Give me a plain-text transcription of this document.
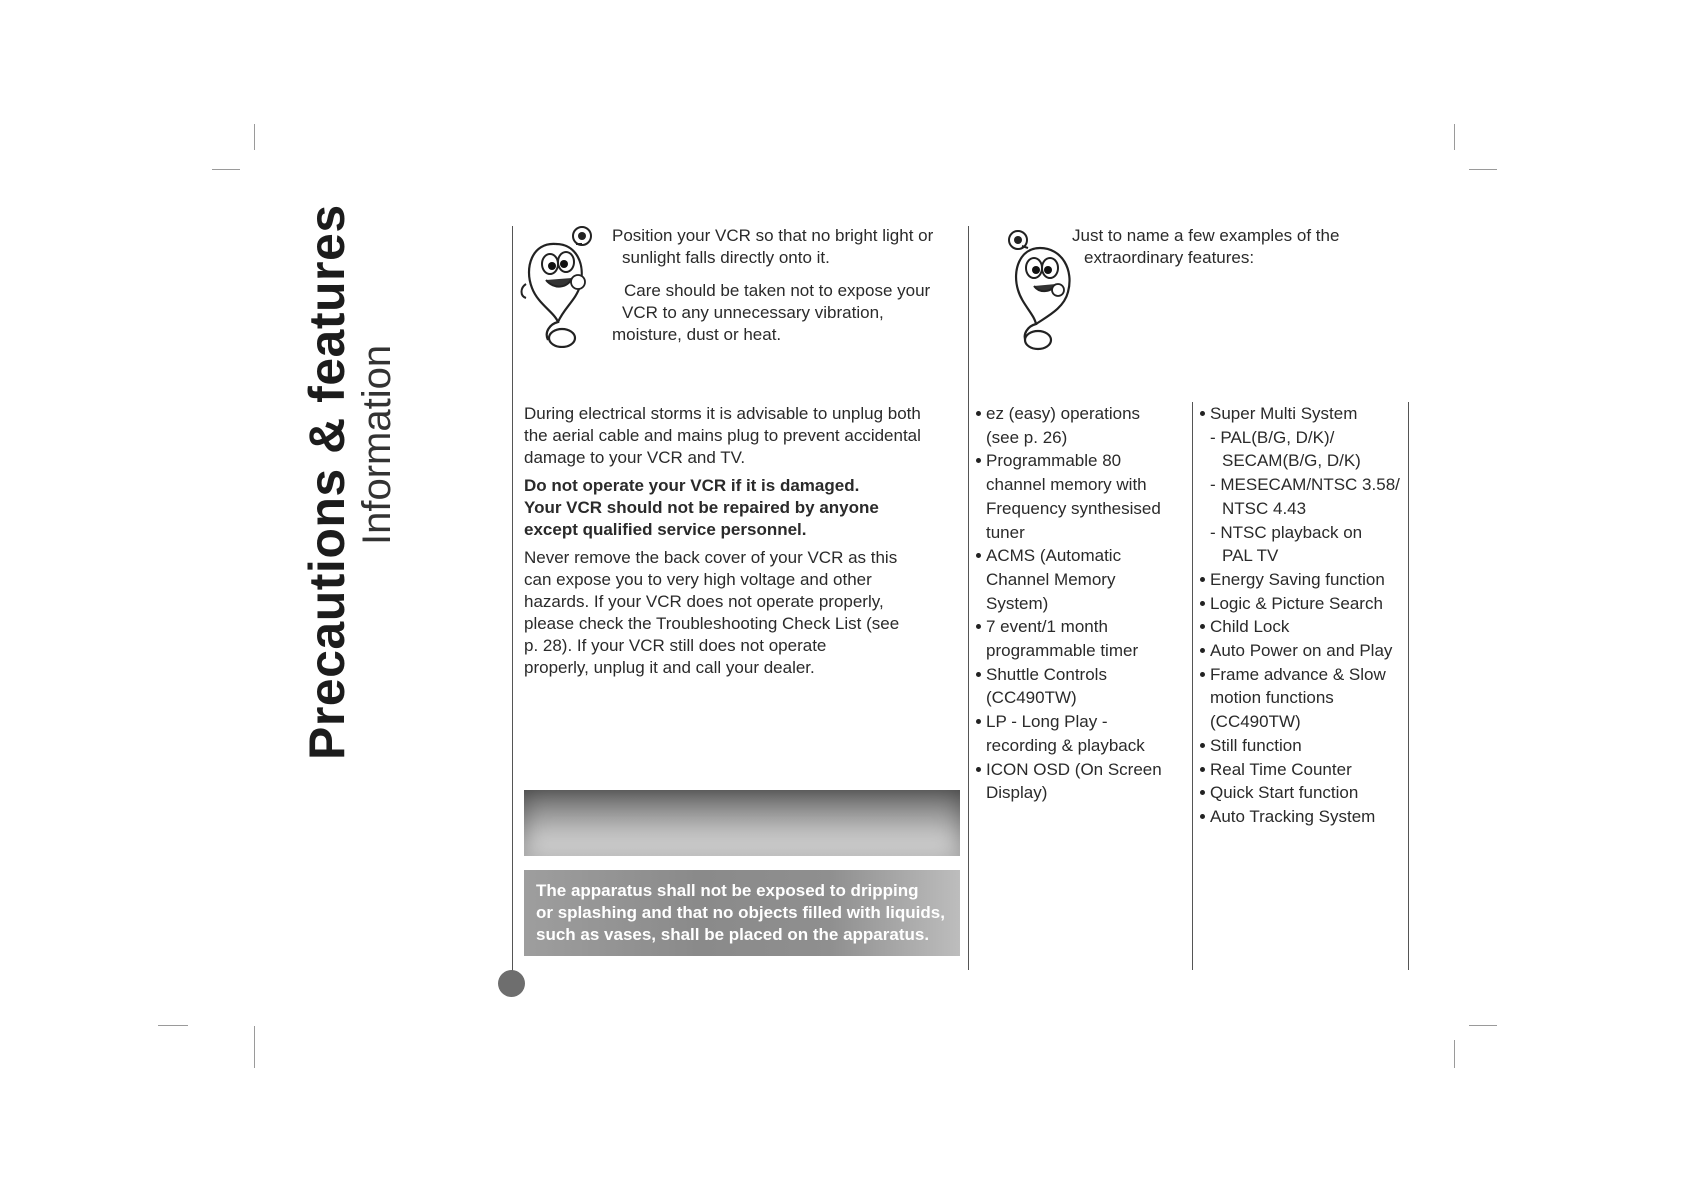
Precautions & features Information
Position your VCR so that no bright light or
sunlight falls directly onto it.
Care should be taken not to expose your
VCR to any unnecessary vibration,
moisture, dust or heat.
Just to name a few examples of the
extraordinary features:
During electrical storms it is advisable to unplug both
the aerial cable and mains plug to prevent accidental
damage to your VCR and TV.
Do not operate your VCR if it is damaged.
Your VCR should not be repaired by anyone
except qualified service personnel.
Never remove the back cover of your VCR as this
can expose you to very high voltage and other
hazards. If your VCR does not operate properly,
please check the Troubleshooting Check List (see
p. 28). If your VCR still does not operate
properly, unplug it and call your dealer.
The apparatus shall not be exposed to dripping
or splashing and that no objects filled with liquids,
such as vases, shall be placed on the apparatus.
ez (easy) operations
(see p. 26)
Programmable 80
channel memory with
Frequency synthesised
tuner
ACMS (Automatic
Channel Memory
System)
7 event/1 month
programmable timer
Shuttle Controls
(CC490TW)
LP - Long Play -
recording & playback
ICON OSD (On Screen
Display)
Super Multi System
- PAL(B/G, D/K)/
SECAM(B/G, D/K)
- MESECAM/NTSC 3.58/
NTSC 4.43
- NTSC playback on
PAL TV
Energy Saving function
Logic & Picture Search
Child Lock
Auto Power on and Play
Frame advance & Slow
motion functions
(CC490TW)
Still function
Real Time Counter
Quick Start function
Auto Tracking System
